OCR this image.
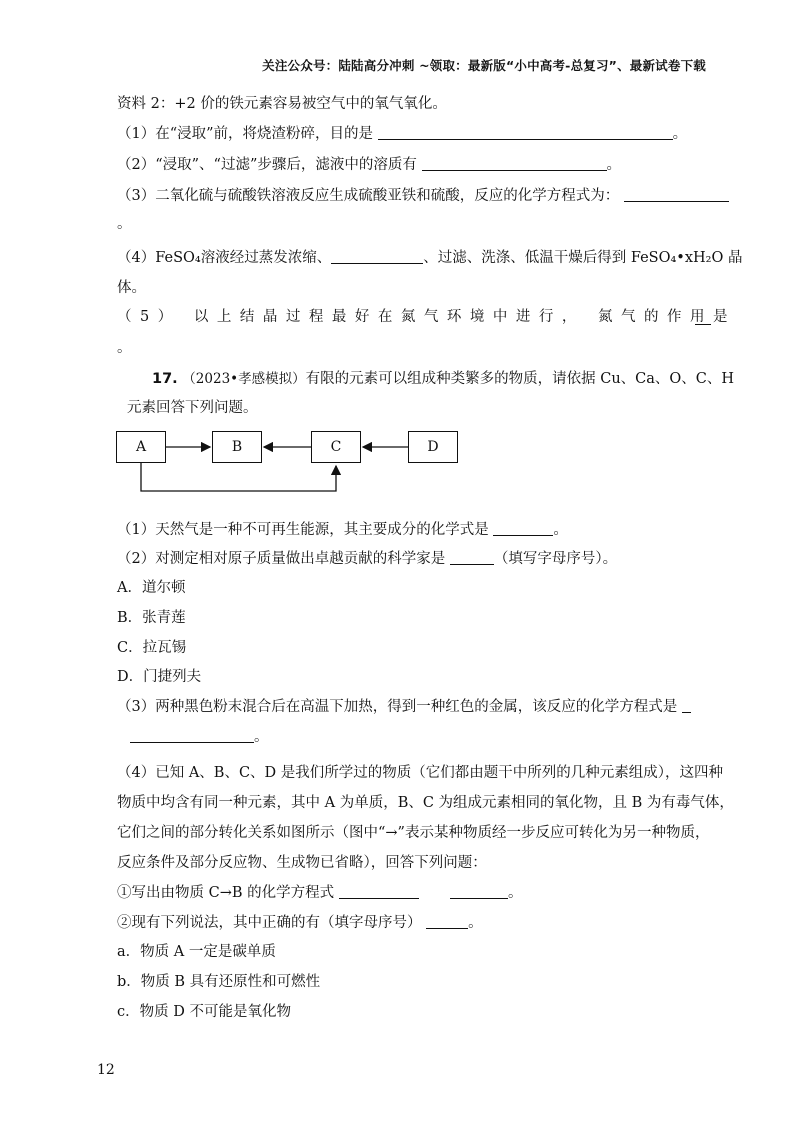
关注公众号：陆陆高分冲刺 ~领取：最新版“小中高考-总复习”、最新试卷下载
资料 2：+2 价的铁元素容易被空气中的氧气氧化。
（1）在“浸取”前，将烧渣粉碎，目的是	。
（2）“浸取”、“过滤”步骤后，滤液中的溶质有	。
（3）二氧化硫与硫酸铁溶液反应生成硫酸亚铁和硫酸，反应的化学方程式为：
。
（4）FeSO₄溶液经过蒸发浓缩、	、过滤、洗涤、低温干燥后得到 FeSO₄•xH₂O 晶
体。
（5） 以上结晶过程最好在氮气环境中进行， 氮气的作用是
。
17. （2023•孝感模拟）有限的元素可以组成种类繁多的物质，请依据 Cu、Ca、O、C、H
元素回答下列问题。
A	B	C	D
（1）天然气是一种不可再生能源，其主要成分的化学式是	。
（2）对测定相对原子质量做出卓越贡献的科学家是	（填写字母序号）。
A．道尔顿
B．张青莲
C．拉瓦锡
D．门捷列夫
（3）两种黑色粉末混合后在高温下加热，得到一种红色的金属，该反应的化学方程式是
。
（4）已知 A、B、C、D 是我们所学过的物质（它们都由题干中所列的几种元素组成），这四种
物质中均含有同一种元素，其中 A 为单质，B、C 为组成元素相同的氧化物，且 B 为有毒气体，
它们之间的部分转化关系如图所示（图中“→”表示某种物质经一步反应可转化为另一种物质，
反应条件及部分反应物、生成物已省略），回答下列问题：
①写出由物质 C→B 的化学方程式	。
②现有下列说法，其中正确的有（填字母序号）	。
a．物质 A 一定是碳单质
b．物质 B 具有还原性和可燃性
c．物质 D 不可能是氧化物
12
